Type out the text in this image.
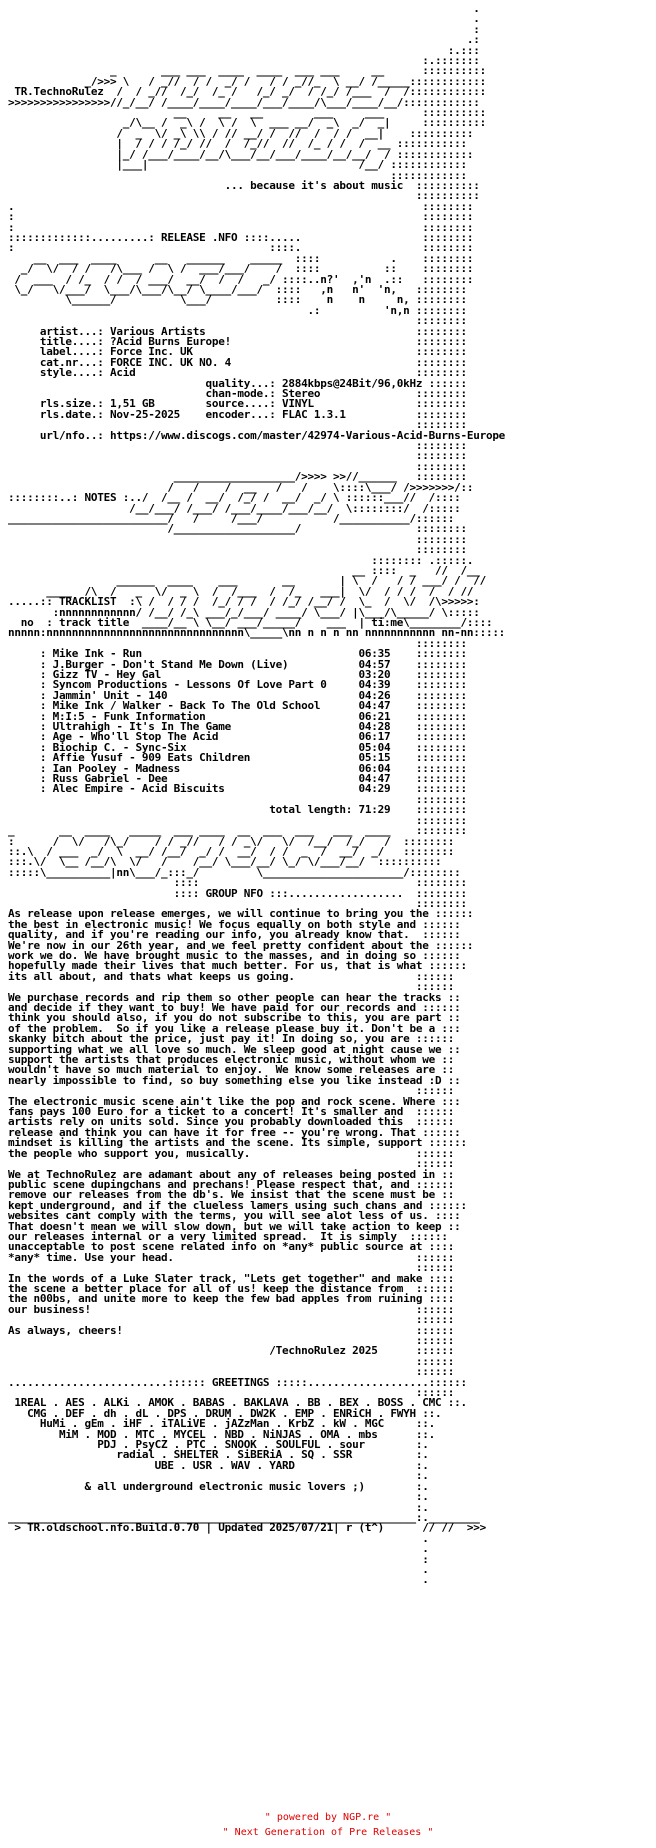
.
.
:
.:
:.:::
:.:::::::
_       ___ ___  ____  ____  ___ ___     __      ::::::::::
_/>>> \   / _//  / /  _/ /   / / _//_  \ __/ /_____::::::::::::
TR.TechnoRulez  /  / _//  /_/  /_ /   /_/ _/  / /_/ /___  /  /::::::::::::
>>>>>>>>>>>>>>>>//_/__/ /____/____/____/___/____/\___/____/__/::::::::::::
__     __   __        ___     ___      ::::::::::
_/\__ /  _\ /  \ /  \  ___ __/  _\  _/  _|     ::::::::::
/  _  \/ _\ \\ / // __/ /  //  /  / /  __|    ::::::::::
|  / / / /_/ //  /  /_//  //  /_ / /  /  __ :::::::::::
|_/ /___/____/__/\___/__/___/____/__/__/  / ::::::::::::
|___|                                 /__/ ::::::::::::
::::::::::::
... because it's about music  ::::::::::
::::::::::
.                                                                ::::::::
:                                                                ::::::::
:                                                                ::::::::
:::::::::::::.........: RELEASE .NFO ::::.....                   ::::::::
:                                        ::::.                   ::::::::
__  ___  ____      __   ______    _____  ::::           .    ::::::::
_/  \/  / /   /\___ /  \ /  ___/___/    /  ::::          ::    ::::::::
/  ___  / /_  / /  / ___/  __/  /  /   _/ ::::..n?'  ,'n  .::   ::::::::
\_/   \/___/  \___/\___/\__/ \____/___/  ::::   ,n   n'  'n,   ::::::::
\______/          \___/          ::::    n    n     n, ::::::::
.:          'n,n ::::::::
::::::::
artist...: Various Artists                                 ::::::::
title....: ?Acid Burns Europe!                             ::::::::
label....: Force Inc. UK                                   ::::::::
cat.nr...: FORCE INC. UK NO. 4                             ::::::::
style....: Acid                                            ::::::::
quality...: 2884kbps@24Bit/96,0kHz ::::::
chan-mode.: Stereo               ::::::::
rls.size.: 1,51 GB        source....: VINYL                ::::::::
rls.date.: Nov-25-2025    encoder...: FLAC 1.3.1           ::::::::
::::::::
url/nfo..: https://www.discogs.com/master/42974-Various-Acid-Burns-Europe
::::::::
::::::::
::::::::
___________________/>>>> >>//______   ::::::::
/   /    /  __   /   /    \::::\___/ />>>>>>>/::
::::::::..: NOTES :../  /__ /  __/  /_/ /  __/  _/ \ ::::::___//  /::::
/__/___/ /___/ /___/____/___/__/  \::::::::/  /:::::
_________________________/   /     /___/           /___________/::::::
/___________________/                  ::::::::
::::::::
::::::::
:::::::: .:::::.
__ ::::  _   //  /__
______  ____    ___       __       | \  /   / / ___/ /  //
____  /\  /   _  \/  _ \  /  /___  /  /_   ___|  \/  / / /  /  / //
.....:: TRACKLIST  :\ /  / / /  /_/ / /  / /_/ /__/ /  \_  /  \/  /\>>>>>:
:nnnnnnnnnnnn/ /__/ /_\ ___/_/___/ ____/ \___/ |\___/\_____/ \:::::
no  : track title  ____/__ \ \__/ ___/_____/    ___  | ti:me\________/::::
nnnnn:nnnnnnnnnnnnnnnnnnnnnnnnnnnnnnn\_____\nn n n n nn nnnnnnnnnnn nn-nn:::::
::::::::
: Mike Ink - Run                                  06:35    ::::::::
: J.Burger - Don't Stand Me Down (Live)           04:57    ::::::::
: Gizz TV - Hey Gal                               03:20    ::::::::
: Syncom Productions - Lessons Of Love Part 0     04:39    ::::::::
: Jammin' Unit - 140                              04:26    ::::::::
: Mike Ink / Walker - Back To The Old School      04:47    ::::::::
: M:I:5 - Funk Information                        06:21    ::::::::
: Ultrahigh - It's In The Game                    04:28    ::::::::
: Age - Who'll Stop The Acid                      06:17    ::::::::
: Biochip C. - Sync-Six                           05:04    ::::::::
: Affie Yusuf - 909 Eats Children                 05:15    ::::::::
: Ian Pooley - Madness                            06:04    ::::::::
: Russ Gabriel - Dee                              04:47    ::::::::
: Alec Empire - Acid Biscuits                     04:29    ::::::::
::::::::
total length: 71:29    ::::::::
::::::::
_       __  ____   _____  ___ ____  __  ___  ___   ___  ____    ::::::::
:      /  \/   /\_/    / / _//   / / _\/   \/  /__/  /_/   /  ::::::::
::.\  / ___  _/  \  __/ /__/  _/ /  __/  / /  _  /  __/  _/   ::::::::
:::.\/  \__ /__/\  \/   /    /__/ \___/__/ \_/ \/___/__/  ::::::::::
:::::\__________|nn\___/_:::_/         \______________________/::::::::
::::                                  ::::::::
:::: GROUP NFO :::..................  ::::::::
::::::::
As release upon release emerges, we will continue to bring you the ::::::
the best in electronic music! We focus equally on both style and ::::::
quality, and if you're reading our info, you already know that.  ::::::
We're now in our 26th year, and we feel pretty confident about the ::::::
work we do. We have brought music to the masses, and in doing so ::::::
hopefully made their lives that much better. For us, that is what ::::::
its all about, and thats what keeps us going.                   ::::::
::::::
We purchase records and rip them so other people can hear the tracks ::
and decide if they want to buy! We have paid for our records and ::::::
think you should also, if you do not subscribe to this, you are part ::
of the problem.  So if you like a release please buy it. Don't be a :::
skanky bitch about the price, just pay it! In doing so, you are ::::::
supporting what we all love so much. We sleep good at night cause we ::
support the artists that produces electronic music, without whom we ::
wouldn't have so much material to enjoy.  We know some releases are ::
nearly impossible to find, so buy something else you like instead :D ::
::::::
The electronic music scene ain't like the pop and rock scene. Where :::
fans pays 100 Euro for a ticket to a concert! It's smaller and  ::::::
artists rely on units sold. Since you probably downloaded this  ::::::
release and think you can have it for free -- you're wrong. That ::::::
mindset is killing the artists and the scene. Its simple, support ::::::
the people who support you, musically.                          ::::::
::::::
We at TechnoRulez are adamant about any of releases being posted in ::
public scene dupingchans and prechans! Please respect that, and ::::::
remove our releases from the db's. We insist that the scene must be ::
kept underground, and if the clueless lamers using such chans and ::::::
websites cant comply with the terms, you will see alot less of us. ::::
That doesn't mean we will slow down, but we will take action to keep ::
our releases internal or a very limited spread.  It is simply  ::::::
unacceptable to post scene related info on *any* public source at ::::
*any* time. Use your head.                                      ::::::
::::::
In the words of a Luke Slater track, "Lets get together" and make ::::
the scene a better place for all of us! keep the distance from  ::::::
the n00bs, and unite more to keep the few bad apples from ruining ::::
our business!                                                   ::::::
::::::
As always, cheers!                                              ::::::
::::::
/TechnoRulez 2025      ::::::
::::::
::::::
.........................:::::: GREETINGS :::::...................::::::
::::::
1REAL . AES . ALKi . AMOK . BABAS . BAKLAVA . BB . BEX . BOSS . CMC ::.
CMG . DEF . dh . dL . DPS . DRUM . DW2K . EMP . ENRiCH . FWYH ::.
HuMi . gEm . iHF . iTALiVE . jAZzMan . KrbZ . kW . MGC     ::.
MiM . MOD . MTC . MYCEL . NBD . NiNJAS . OMA . mbs      ::.
PDJ . PsyCZ . PTC . SNOOK . SOULFUL . sour        :.
radial . SHELTER . SiBERiA . SQ . SSR          :.
UBE . USR . WAV . YARD                   :.
:.
& all underground electronic music lovers ;)        :.
:.
:.
________________________________________________________________:.________
> TR.oldschool.nfo.Build.0.70 | Updated 2025/07/21| r (t^)      // //  >>>
.
.
:
.
.
" powered by NGP.re "
" Next Generation of Pre Releases "
